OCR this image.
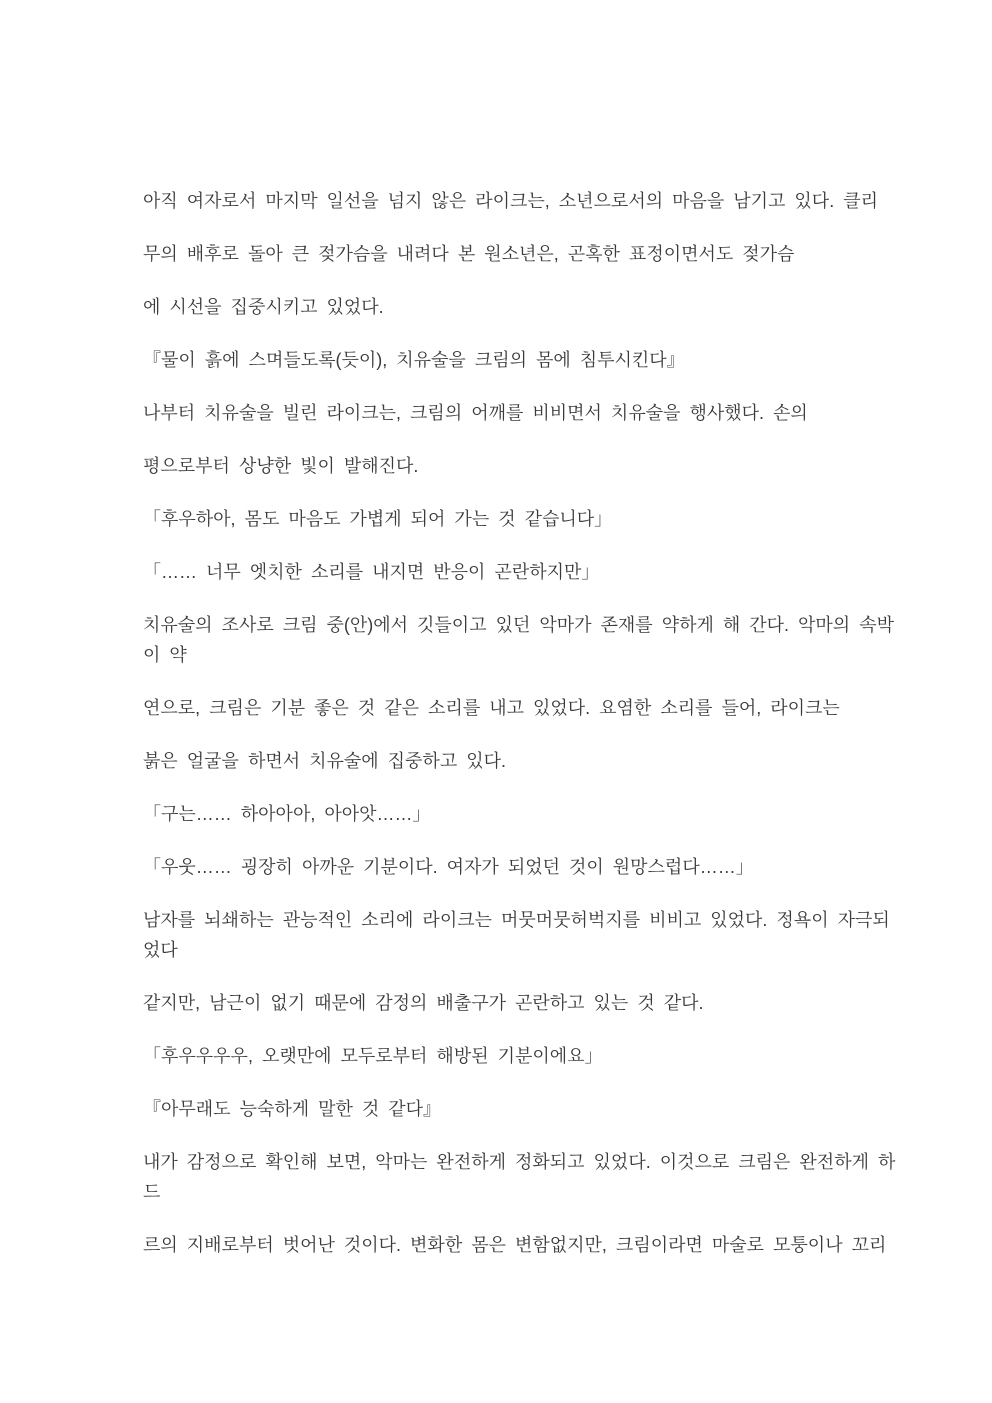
아직 여자로서 마지막 일선을 넘지 않은 라이크는, 소년으로서의 마음을 남기고 있다. 클리

무의 배후로 돌아 큰 젖가슴을 내려다 본 원소년은, 곤혹한 표정이면서도 젖가슴

에 시선을 집중시키고 있었다.

『물이 흙에 스며들도록(듯이), 치유술을 크림의 몸에 침투시킨다』

나부터 치유술을 빌린 라이크는, 크림의 어깨를 비비면서 치유술을 행사했다. 손의

평으로부터 상냥한 빛이 발해진다.

「후우하아, 몸도 마음도 가볍게 되어 가는 것 같습니다」

「…… 너무 엣치한 소리를 내지면 반응이 곤란하지만」

치유술의 조사로 크림 중(안)에서 깃들이고 있던 악마가 존재를 약하게 해 간다. 악마의 속박
이 약

연으로, 크림은 기분 좋은 것 같은 소리를 내고 있었다. 요염한 소리를 들어, 라이크는

붉은 얼굴을 하면서 치유술에 집중하고 있다.

「구는…… 하아아아, 아아앗……」

「우웃…… 굉장히 아까운 기분이다. 여자가 되었던 것이 원망스럽다……」

남자를 뇌쇄하는 관능적인 소리에 라이크는 머뭇머뭇허벅지를 비비고 있었다. 정욕이 자극되
었다

같지만, 남근이 없기 때문에 감정의 배출구가 곤란하고 있는 것 같다.

「후우우우우, 오랫만에 모두로부터 해방된 기분이에요」

『아무래도 능숙하게 말한 것 같다』

내가 감정으로 확인해 보면, 악마는 완전하게 정화되고 있었다. 이것으로 크림은 완전하게 하
드

르의 지배로부터 벗어난 것이다. 변화한 몸은 변함없지만, 크림이라면 마술로 모퉁이나 꼬리
